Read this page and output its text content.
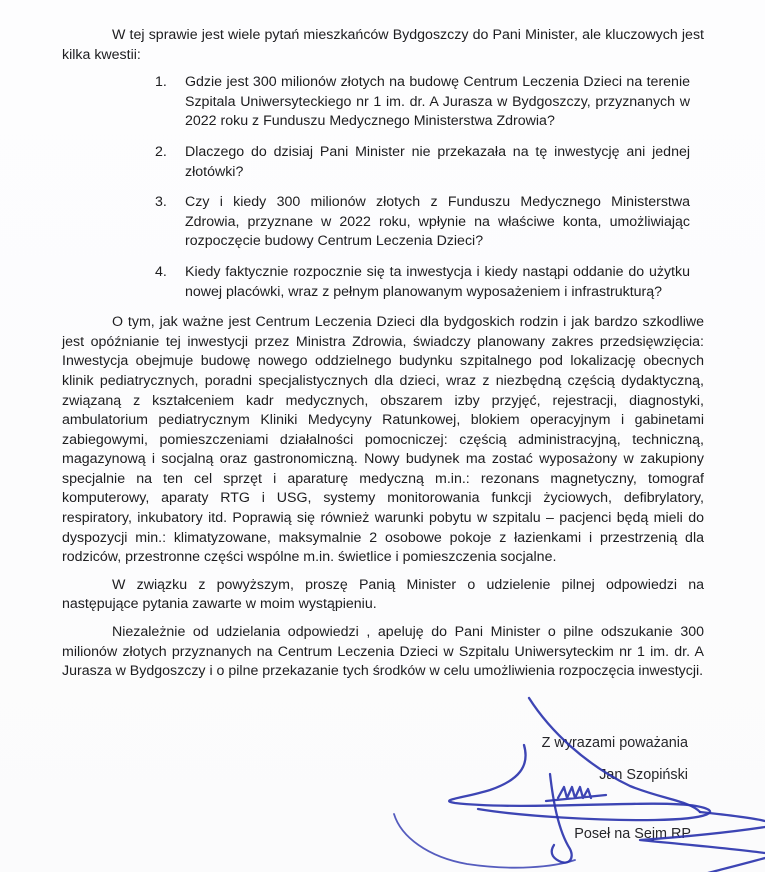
W tej sprawie jest wiele pytań mieszkańców Bydgoszczy do Pani Minister, ale kluczowych jest kilka kwestii:

Gdzie jest 300 milionów złotych na budowę Centrum Leczenia Dzieci na terenie Szpitala Uniwersyteckiego nr 1 im. dr. A Jurasza w Bydgoszczy, przyznanych w 2022 roku z Funduszu Medycznego Ministerstwa Zdrowia?
Dlaczego do dzisiaj Pani Minister nie przekazała na tę inwestycję ani jednej złotówki?
Czy i kiedy 300 milionów złotych z Funduszu Medycznego Ministerstwa Zdrowia, przyznane w 2022 roku, wpłynie na właściwe konta, umożliwiając rozpoczęcie budowy Centrum Leczenia Dzieci?
Kiedy faktycznie rozpocznie się ta inwestycja i kiedy nastąpi oddanie do użytku nowej placówki, wraz z pełnym planowanym wyposażeniem i infrastrukturą?

O tym, jak ważne jest Centrum Leczenia Dzieci dla bydgoskich rodzin i jak bardzo szkodliwe jest opóźnianie tej inwestycji przez Ministra Zdrowia, świadczy planowany zakres przedsięwzięcia: Inwestycja obejmuje budowę nowego oddzielnego budynku szpitalnego pod lokalizację obecnych klinik pediatrycznych, poradni specjalistycznych dla dzieci, wraz z niezbędną częścią dydaktyczną, związaną z kształceniem kadr medycznych, obszarem izby przyjęć, rejestracji, diagnostyki, ambulatorium pediatrycznym Kliniki Medycyny Ratunkowej, blokiem operacyjnym i gabinetami zabiegowymi, pomieszczeniami działalności pomocniczej: częścią administracyjną, techniczną, magazynową i socjalną oraz gastronomiczną. Nowy budynek ma zostać wyposażony w zakupiony specjalnie na ten cel sprzęt i aparaturę medyczną m.in.: rezonans magnetyczny, tomograf komputerowy, aparaty RTG i USG, systemy monitorowania funkcji życiowych, defibrylatory, respiratory, inkubatory itd. Poprawią się również warunki pobytu w szpitalu – pacjenci będą mieli do dyspozycji min.: klimatyzowane, maksymalnie 2 osobowe pokoje z łazienkami i przestrzenią dla rodziców, przestronne części wspólne m.in. świetlice i pomieszczenia socjalne.

W związku z powyższym, proszę Panią Minister o udzielenie pilnej odpowiedzi na następujące pytania zawarte w moim wystąpieniu.

Niezależnie od udzielania odpowiedzi , apeluję do Pani Minister o pilne odszukanie 300 milionów złotych przyznanych na Centrum Leczenia Dzieci w Szpitalu Uniwersyteckim nr 1 im. dr. A Jurasza w Bydgoszczy i o pilne przekazanie tych środków w celu umożliwienia rozpoczęcia inwestycji.

Z wyrazami poważania
Jan Szopiński
Poseł na Sejm RP
